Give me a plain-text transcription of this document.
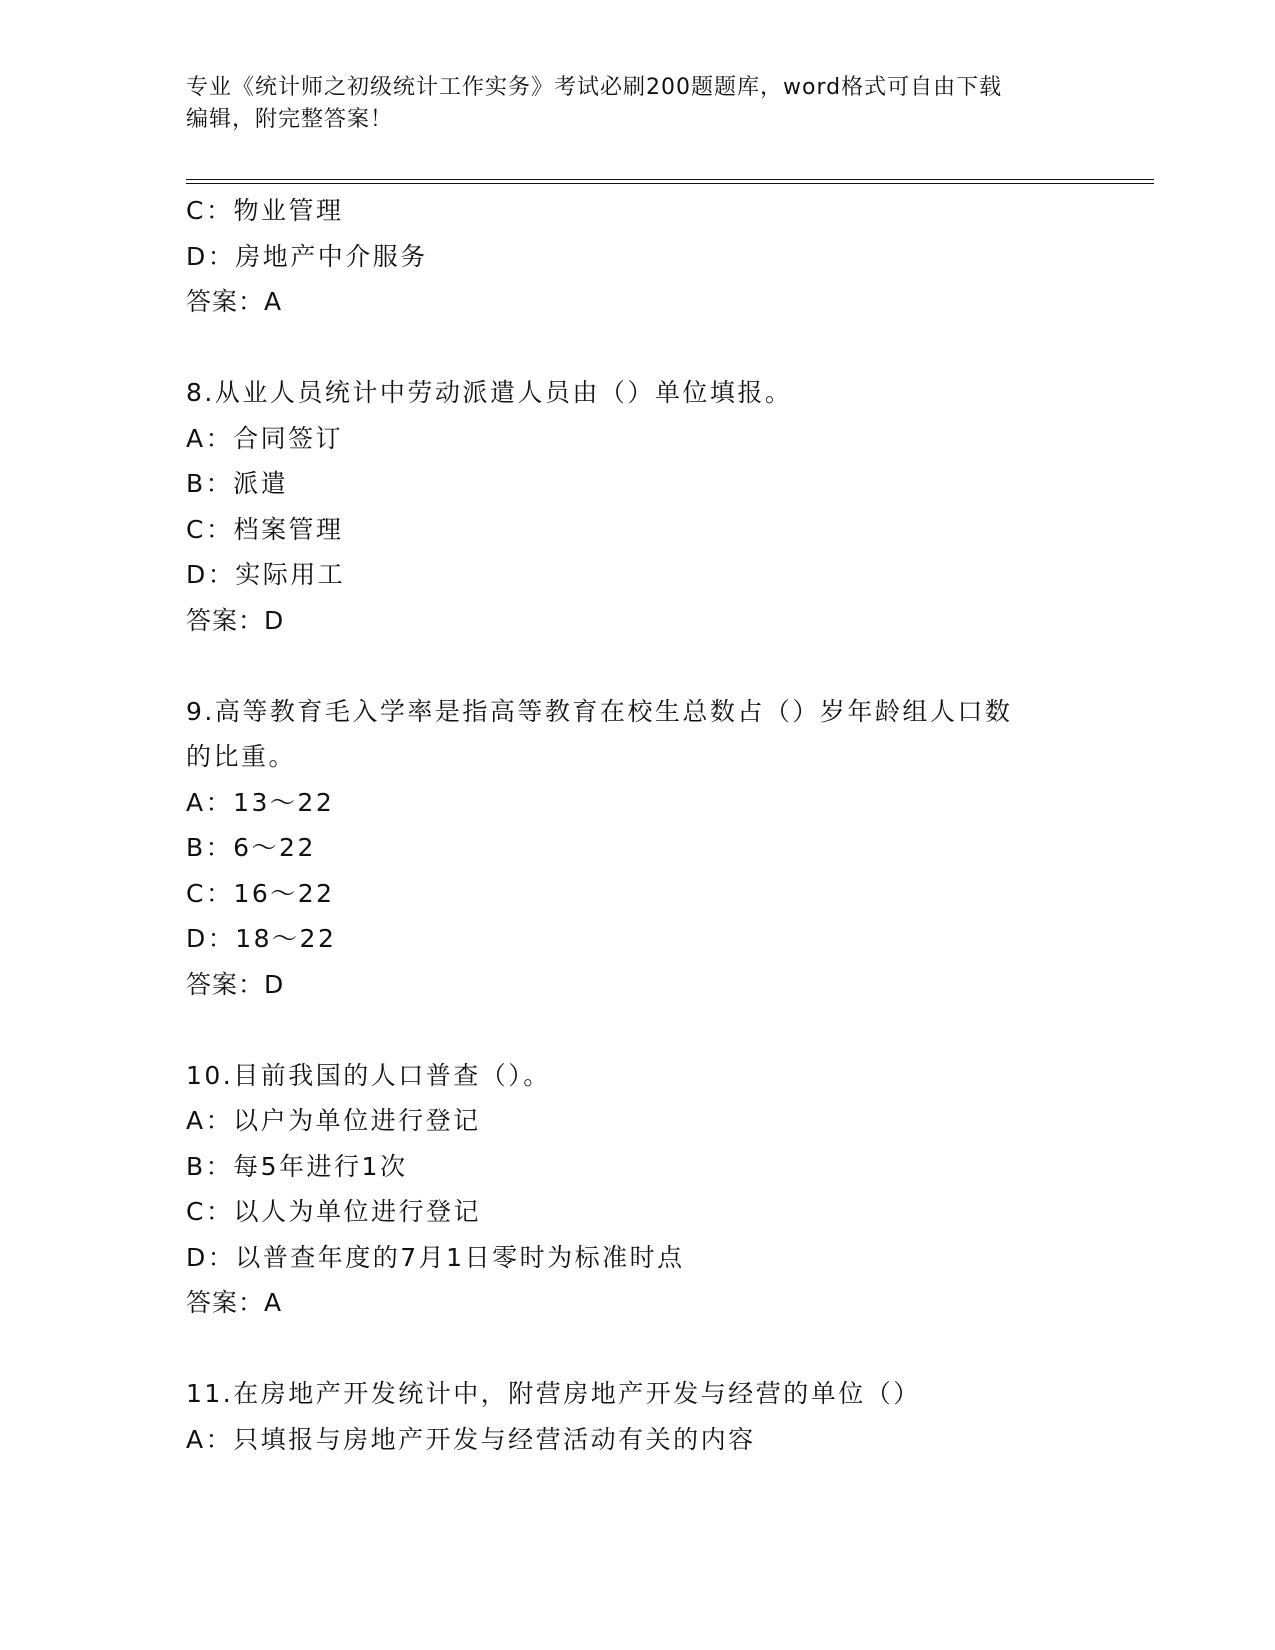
专业《统计师之初级统计工作实务》考试必刷200题题库，word格式可自由下载
编辑，附完整答案！
C：物业管理
D：房地产中介服务
答案：A
8.从业人员统计中劳动派遣人员由（）单位填报。
A：合同签订
B：派遣
C：档案管理
D：实际用工
答案：D
9.高等教育毛入学率是指高等教育在校生总数占（）岁年龄组人口数
的比重。
A：13～22
B：6～22
C：16～22
D：18～22
答案：D
10.目前我国的人口普查（）。
A：以户为单位进行登记
B：每5年进行1次
C：以人为单位进行登记
D：以普查年度的7月1日零时为标准时点
答案：A
11.在房地产开发统计中，附营房地产开发与经营的单位（）
A：只填报与房地产开发与经营活动有关的内容
